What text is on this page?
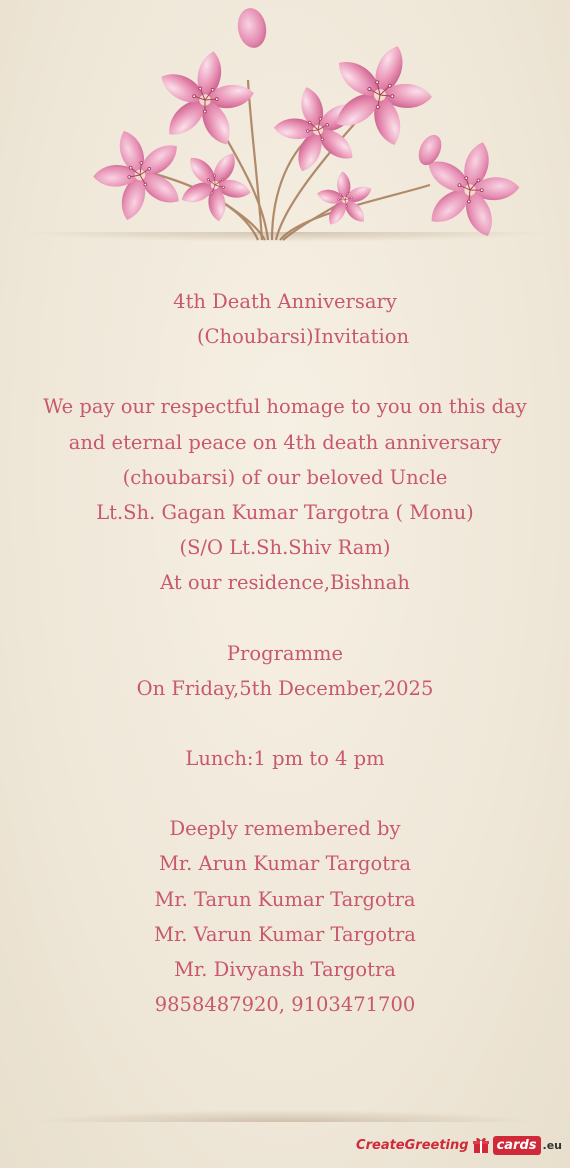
4th Death Anniversary
(Choubarsi)Invitation
We pay our respectful homage to you on this day
and eternal peace on 4th death anniversary
(choubarsi) of our beloved Uncle
Lt.Sh. Gagan Kumar Targotra ( Monu)
(S/O Lt.Sh.Shiv Ram)
At our residence,Bishnah
Programme
On Friday,5th December,2025
Lunch:1 pm to 4 pm
Deeply remembered by
Mr. Arun Kumar Targotra
Mr. Tarun Kumar Targotra
Mr. Varun Kumar Targotra
Mr. Divyansh Targotra
9858487920, 9103471700
CreateGreeting	cards .eu
